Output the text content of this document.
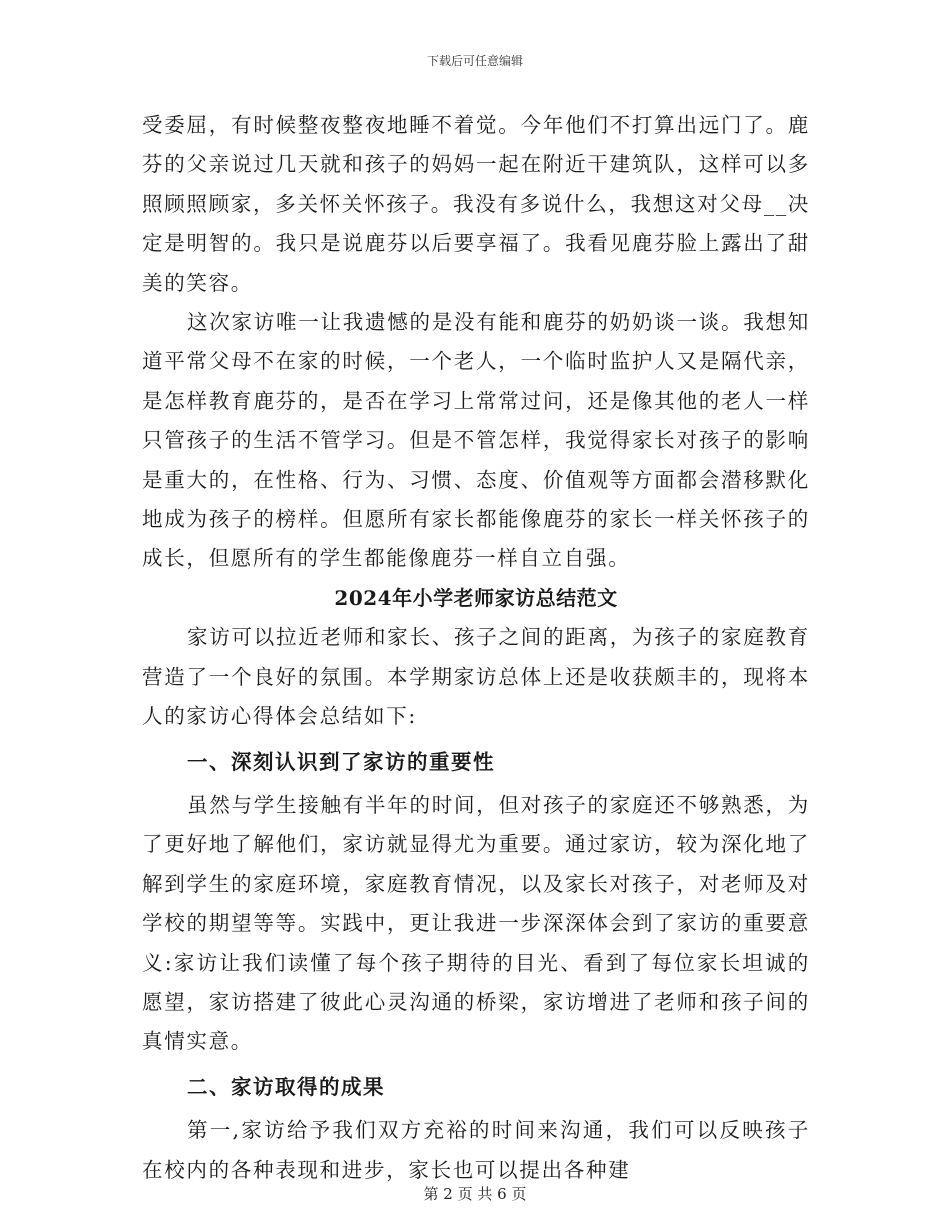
下载后可任意编辑

受委屈，有时候整夜整夜地睡不着觉。今年他们不打算出远门了。鹿芬的父亲说过几天就和孩子的妈妈一起在附近干建筑队，这样可以多照顾照顾家，多关怀关怀孩子。我没有多说什么，我想这对父母__决定是明智的。我只是说鹿芬以后要享福了。我看见鹿芬脸上露出了甜美的笑容。

这次家访唯一让我遗憾的是没有能和鹿芬的奶奶谈一谈。我想知道平常父母不在家的时候，一个老人，一个临时监护人又是隔代亲，是怎样教育鹿芬的，是否在学习上常常过问，还是像其他的老人一样只管孩子的生活不管学习。但是不管怎样，我觉得家长对孩子的影响是重大的，在性格、行为、习惯、态度、价值观等方面都会潜移默化地成为孩子的榜样。但愿所有家长都能像鹿芬的家长一样关怀孩子的成长，但愿所有的学生都能像鹿芬一样自立自强。

2024年小学老师家访总结范文

家访可以拉近老师和家长、孩子之间的距离，为孩子的家庭教育营造了一个良好的氛围。本学期家访总体上还是收获颇丰的，现将本人的家访心得体会总结如下:

一、深刻认识到了家访的重要性

虽然与学生接触有半年的时间，但对孩子的家庭还不够熟悉，为了更好地了解他们，家访就显得尤为重要。通过家访，较为深化地了解到学生的家庭环境，家庭教育情况，以及家长对孩子，对老师及对学校的期望等等。实践中，更让我进一步深深体会到了家访的重要意义:家访让我们读懂了每个孩子期待的目光、看到了每位家长坦诚的愿望，家访搭建了彼此心灵沟通的桥梁，家访增进了老师和孩子间的真情实意。

二、家访取得的成果

第一,家访给予我们双方充裕的时间来沟通，我们可以反映孩子在校内的各种表现和进步，家长也可以提出各种建

第 2 页 共 6 页
